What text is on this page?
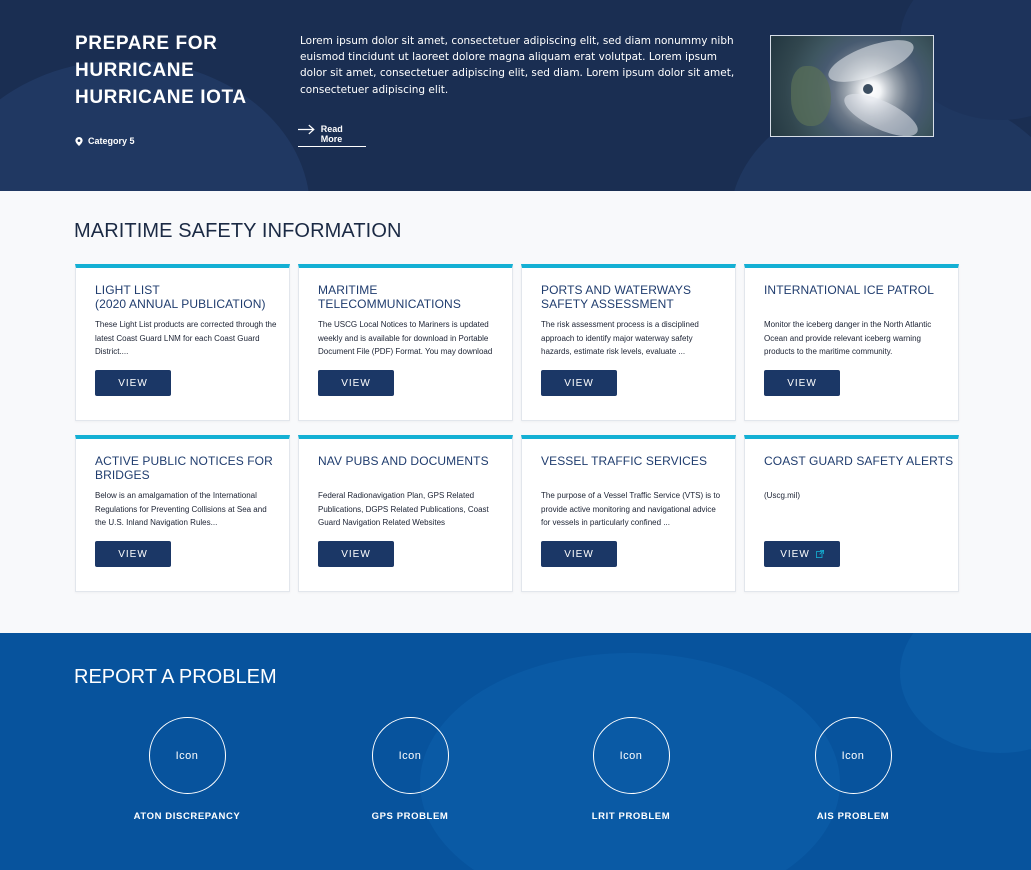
PREPARE FOR
HURRICANE
HURRICANE IOTA
Category 5
Lorem ipsum dolor sit amet, consectetuer adipiscing elit, sed diam nonummy nibh euismod tincidunt ut laoreet dolore magna aliquam erat volutpat. Lorem ipsum dolor sit amet, consectetuer adipiscing elit, sed diam. Lorem ipsum dolor sit amet, consectetuer adipiscing elit.
Read More
MARITIME SAFETY INFORMATION
LIGHT LIST
(2020 ANNUAL PUBLICATION)
These Light List products are corrected through the latest Coast Guard LNM for each Coast Guard District....
VIEW
MARITIME
TELECOMMUNICATIONS
The USCG Local Notices to Mariners is updated weekly and is available for download in Portable Document File (PDF) Format. You may download
VIEW
PORTS AND WATERWAYS SAFETY ASSESSMENT
The risk assessment process is a disciplined approach to identify major waterway safety hazards, estimate risk levels, evaluate ...
VIEW
INTERNATIONAL ICE PATROL
Monitor the iceberg danger in the North Atlantic Ocean and provide relevant iceberg warning products to the maritime community.
VIEW
ACTIVE PUBLIC NOTICES FOR BRIDGES
Below is an amalgamation of the International Regulations for Preventing Collisions at Sea and the U.S. Inland Navigation Rules...
VIEW
NAV PUBS AND DOCUMENTS
Federal Radionavigation Plan, GPS Related Publications, DGPS Related Publications, Coast Guard Navigation Related Websites
VIEW
VESSEL TRAFFIC SERVICES
The purpose of a Vessel Traffic Service (VTS) is to provide active monitoring and navigational advice for vessels in particularly confined ...
VIEW
COAST GUARD SAFETY ALERTS
(Uscg.mil)
VIEW
REPORT A PROBLEM
Icon
ATON DISCREPANCY
Icon
GPS PROBLEM
Icon
LRIT PROBLEM
Icon
AIS PROBLEM
